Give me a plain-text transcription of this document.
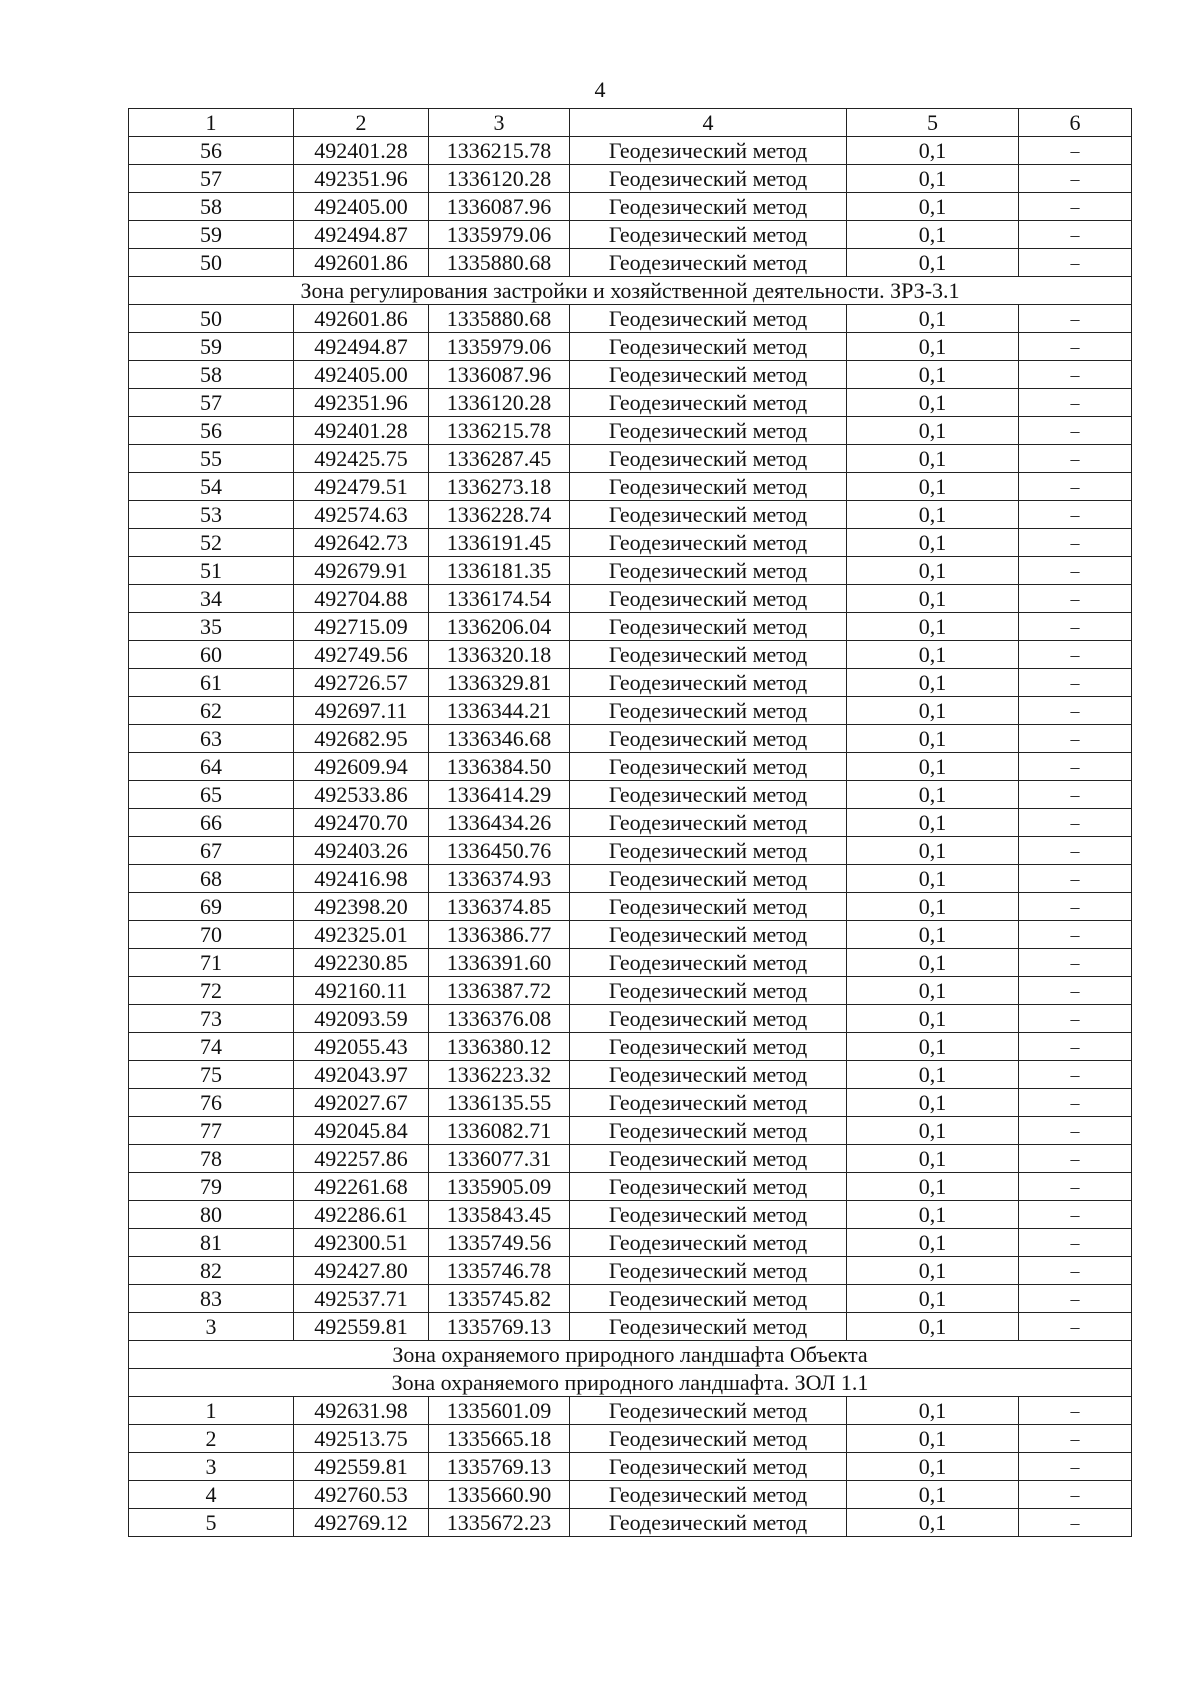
4
1	2	3	4	5	6
56	492401.28	1336215.78	Геодезический метод	0,1	–
57	492351.96	1336120.28	Геодезический метод	0,1	–
58	492405.00	1336087.96	Геодезический метод	0,1	–
59	492494.87	1335979.06	Геодезический метод	0,1	–
50	492601.86	1335880.68	Геодезический метод	0,1	–
Зона регулирования застройки и хозяйственной деятельности. ЗРЗ-3.1					
50	492601.86	1335880.68	Геодезический метод	0,1	–
59	492494.87	1335979.06	Геодезический метод	0,1	–
58	492405.00	1336087.96	Геодезический метод	0,1	–
57	492351.96	1336120.28	Геодезический метод	0,1	–
56	492401.28	1336215.78	Геодезический метод	0,1	–
55	492425.75	1336287.45	Геодезический метод	0,1	–
54	492479.51	1336273.18	Геодезический метод	0,1	–
53	492574.63	1336228.74	Геодезический метод	0,1	–
52	492642.73	1336191.45	Геодезический метод	0,1	–
51	492679.91	1336181.35	Геодезический метод	0,1	–
34	492704.88	1336174.54	Геодезический метод	0,1	–
35	492715.09	1336206.04	Геодезический метод	0,1	–
60	492749.56	1336320.18	Геодезический метод	0,1	–
61	492726.57	1336329.81	Геодезический метод	0,1	–
62	492697.11	1336344.21	Геодезический метод	0,1	–
63	492682.95	1336346.68	Геодезический метод	0,1	–
64	492609.94	1336384.50	Геодезический метод	0,1	–
65	492533.86	1336414.29	Геодезический метод	0,1	–
66	492470.70	1336434.26	Геодезический метод	0,1	–
67	492403.26	1336450.76	Геодезический метод	0,1	–
68	492416.98	1336374.93	Геодезический метод	0,1	–
69	492398.20	1336374.85	Геодезический метод	0,1	–
70	492325.01	1336386.77	Геодезический метод	0,1	–
71	492230.85	1336391.60	Геодезический метод	0,1	–
72	492160.11	1336387.72	Геодезический метод	0,1	–
73	492093.59	1336376.08	Геодезический метод	0,1	–
74	492055.43	1336380.12	Геодезический метод	0,1	–
75	492043.97	1336223.32	Геодезический метод	0,1	–
76	492027.67	1336135.55	Геодезический метод	0,1	–
77	492045.84	1336082.71	Геодезический метод	0,1	–
78	492257.86	1336077.31	Геодезический метод	0,1	–
79	492261.68	1335905.09	Геодезический метод	0,1	–
80	492286.61	1335843.45	Геодезический метод	0,1	–
81	492300.51	1335749.56	Геодезический метод	0,1	–
82	492427.80	1335746.78	Геодезический метод	0,1	–
83	492537.71	1335745.82	Геодезический метод	0,1	–
3	492559.81	1335769.13	Геодезический метод	0,1	–
Зона охраняемого природного ландшафта Объекта					
Зона охраняемого природного ландшафта. ЗОЛ 1.1					
1	492631.98	1335601.09	Геодезический метод	0,1	–
2	492513.75	1335665.18	Геодезический метод	0,1	–
3	492559.81	1335769.13	Геодезический метод	0,1	–
4	492760.53	1335660.90	Геодезический метод	0,1	–
5	492769.12	1335672.23	Геодезический метод	0,1	–
